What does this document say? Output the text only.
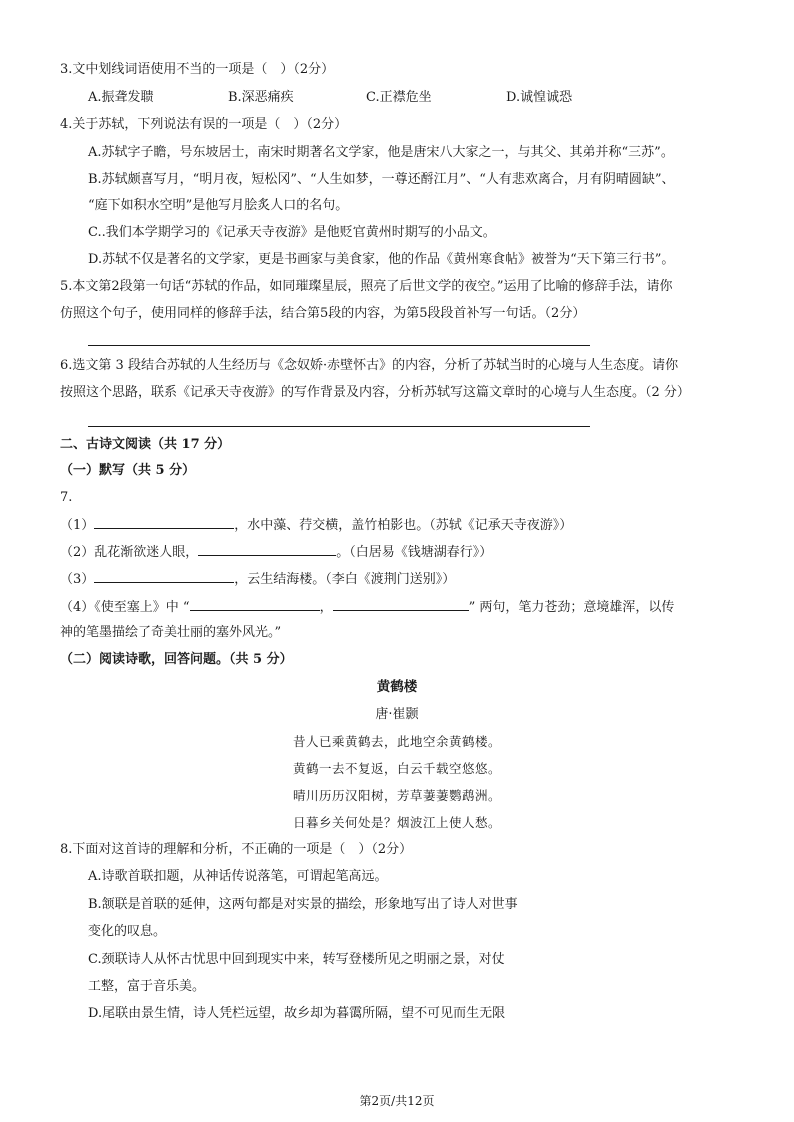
3.文中划线词语使用不当的一项是（　）（2分）
A.振聋发聩	B.深恶痛疾	C.正襟危坐	D.诚惶诚恐
4.关于苏轼，下列说法有误的一项是（　）（2分）
A.苏轼字子瞻，号东坡居士，南宋时期著名文学家，他是唐宋八大家之一，与其父、其弟并称“三苏”。
B.苏轼颇喜写月，“明月夜，短松冈”、“人生如梦，一尊还酹江月”、“人有悲欢离合，月有阴晴圆缺”、
“庭下如积水空明”是他写月脍炙人口的名句。
C..我们本学期学习的《记承天寺夜游》是他贬官黄州时期写的小品文。
D.苏轼不仅是著名的文学家，更是书画家与美食家，他的作品《黄州寒食帖》被誉为“天下第三行书”。
5.本文第2段第一句话“苏轼的作品，如同璀璨星辰，照亮了后世文学的夜空。”运用了比喻的修辞手法，请你
仿照这个句子，使用同样的修辞手法，结合第5段的内容，为第5段段首补写一句话。（2分）
6.选文第 3 段结合苏轼的人生经历与《念奴娇·赤壁怀古》的内容，分析了苏轼当时的心境与人生态度。请你
按照这个思路，联系《记承天寺夜游》的写作背景及内容，分析苏轼写这篇文章时的心境与人生态度。（2 分）
二、古诗文阅读（共 17 分）
（一）默写（共 5 分）
7.
（1）	，水中藻、荇交横，盖竹柏影也。（苏轼《记承天寺夜游》）
（2）乱花渐欲迷人眼，	。（白居易《钱塘湖春行》）
（3）	，云生结海楼。（李白《渡荆门送别》）
（4）《使至塞上》中 “	，	” 两句，笔力苍劲；意境雄浑，以传
神的笔墨描绘了奇美壮丽的塞外风光。”
（二）阅读诗歌，回答问题。（共 5 分）
黄鹤楼
唐·崔颢
昔人已乘黄鹤去，此地空余黄鹤楼。
黄鹤一去不复返，白云千载空悠悠。
晴川历历汉阳树，芳草萋萋鹦鹉洲。
日暮乡关何处是？烟波江上使人愁。
8.下面对这首诗的理解和分析，不正确的一项是（　）（2分）
A.诗歌首联扣题，从神话传说落笔，可谓起笔高远。
B.颔联是首联的延伸，这两句都是对实景的描绘，形象地写出了诗人对世事
变化的叹息。
C.颈联诗人从怀古忧思中回到现实中来，转写登楼所见之明丽之景，对仗
工整，富于音乐美。
D.尾联由景生情，诗人凭栏远望，故乡却为暮霭所隔，望不可见而生无限
第2页/共12页
